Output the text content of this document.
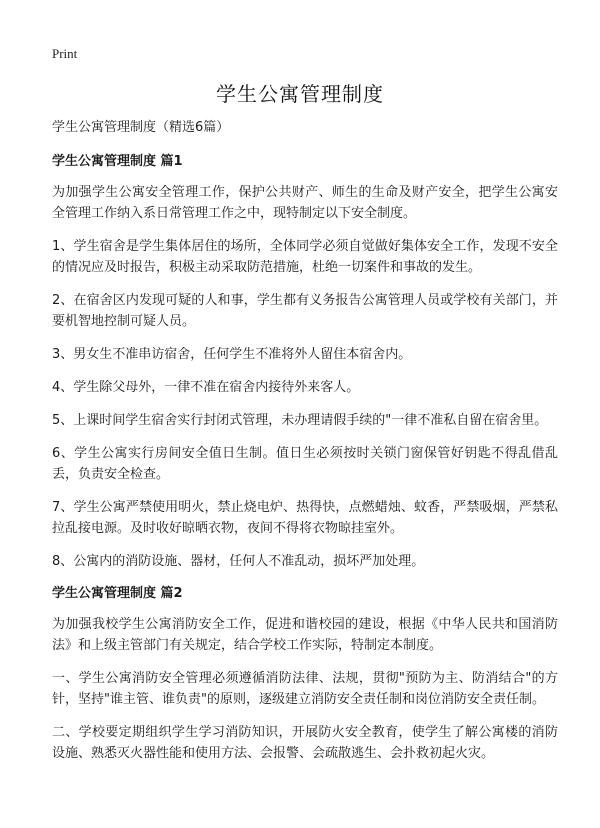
Print
学生公寓管理制度
学生公寓管理制度（精选6篇）
学生公寓管理制度 篇1

为加强学生公寓安全管理工作，保护公共财产、师生的生命及财产安全，把学生公寓安全管理工作纳入系日常管理工作之中，现特制定以下安全制度。

1、学生宿舍是学生集体居住的场所，全体同学必须自觉做好集体安全工作，发现不安全的情况应及时报告，积极主动采取防范措施，杜绝一切案件和事故的发生。

2、在宿舍区内发现可疑的人和事，学生都有义务报告公寓管理人员或学校有关部门，并要机智地控制可疑人员。

3、男女生不准串访宿舍，任何学生不准将外人留住本宿舍内。

4、学生除父母外，一律不准在宿舍内接待外来客人。

5、上课时间学生宿舍实行封闭式管理，未办理请假手续的"一律不准私自留在宿舍里。

6、学生公寓实行房间安全值日生制。值日生必须按时关锁门窗保管好钥匙不得乱借乱丢，负责安全检查。

7、学生公寓严禁使用明火，禁止烧电炉、热得快，点燃蜡烛、蚊香，严禁吸烟，严禁私拉乱接电源。及时收好晾晒衣物，夜间不得将衣物晾挂室外。

8、公寓内的消防设施、器材，任何人不准乱动，损坏严加处理。

学生公寓管理制度 篇2

为加强我校学生公寓消防安全工作，促进和谐校园的建设，根据《中华人民共和国消防法》和上级主管部门有关规定，结合学校工作实际，特制定本制度。

一、学生公寓消防安全管理必须遵循消防法律、法规，贯彻"预防为主、防消结合"的方针，坚持"谁主管、谁负责"的原则，逐级建立消防安全责任制和岗位消防安全责任制。

二、学校要定期组织学生学习消防知识，开展防火安全教育，使学生了解公寓楼的消防设施、熟悉灭火器性能和使用方法、会报警、会疏散逃生、会扑救初起火灾。
